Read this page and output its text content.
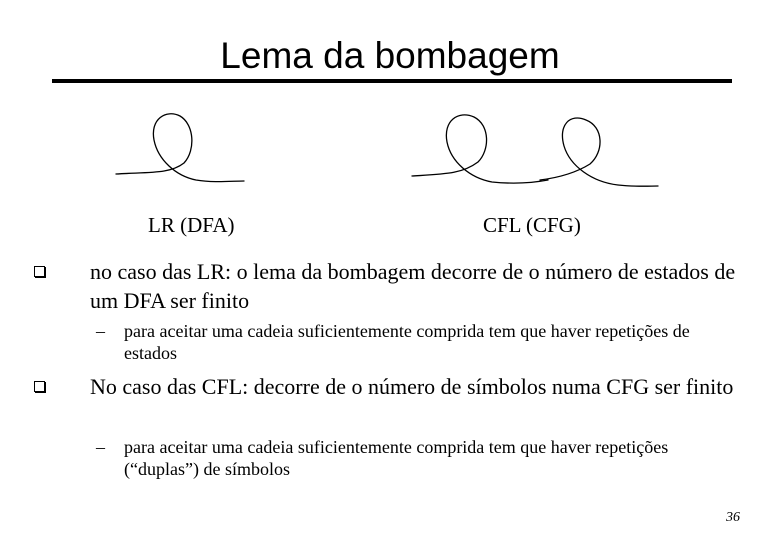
Lema da bombagem
LR (DFA)	CFL (CFG)
no caso das LR: o lema da bombagem decorre de o número de estados de um DFA ser finito
– para aceitar uma cadeia suficientemente comprida tem que haver repetições de estados
No caso das CFL: decorre de o número de símbolos numa CFG ser finito
– para aceitar uma cadeia suficientemente comprida tem que haver repetições (“duplas”) de símbolos
36
